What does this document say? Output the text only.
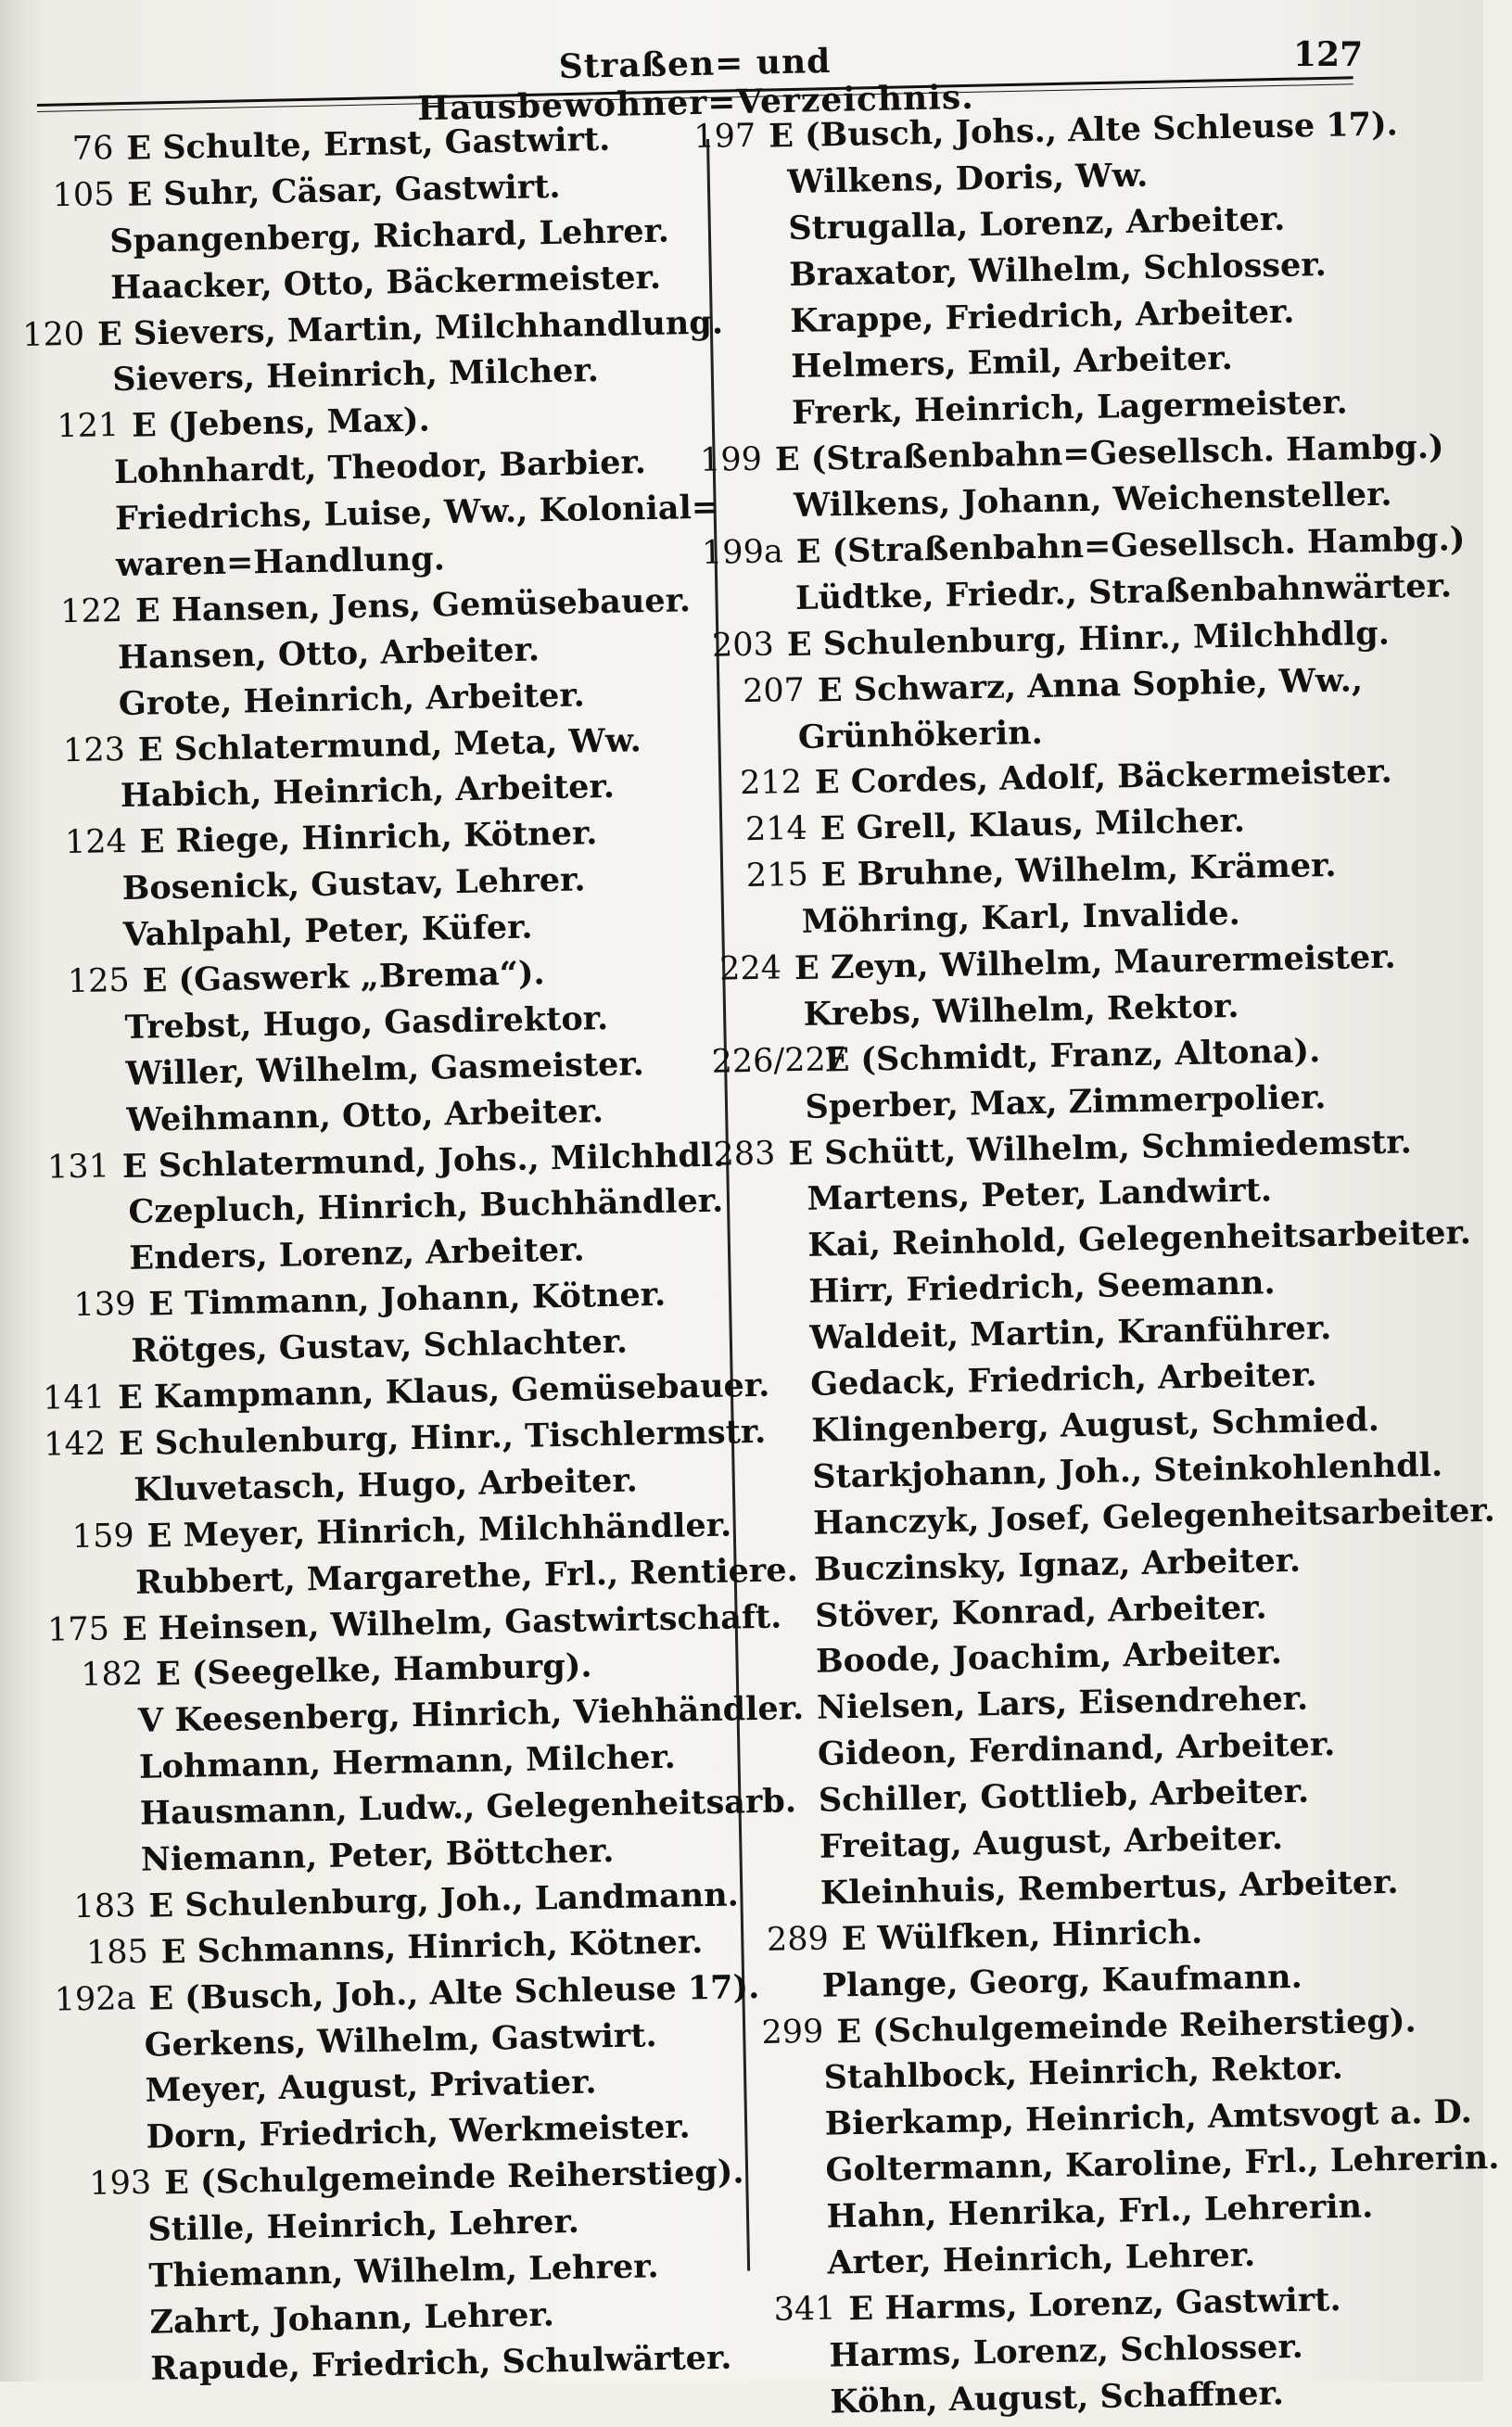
Straßen= und Hausbewohner=Verzeichnis.
127
76 E Schulte, Ernst, Gastwirt.
105 E Suhr, Cäsar, Gastwirt.
Spangenberg, Richard, Lehrer.
Haacker, Otto, Bäckermeister.
120 E Sievers, Martin, Milchhandlung.
Sievers, Heinrich, Milcher.
121 E (Jebens, Max).
Lohnhardt, Theodor, Barbier.
Friedrichs, Luise, Ww., Kolonial=
waren=Handlung.
122 E Hansen, Jens, Gemüsebauer.
Hansen, Otto, Arbeiter.
Grote, Heinrich, Arbeiter.
123 E Schlatermund, Meta, Ww.
Habich, Heinrich, Arbeiter.
124 E Riege, Hinrich, Kötner.
Bosenick, Gustav, Lehrer.
Vahlpahl, Peter, Küfer.
125 E (Gaswerk „Brema“).
Trebst, Hugo, Gasdirektor.
Willer, Wilhelm, Gasmeister.
Weihmann, Otto, Arbeiter.
131 E Schlatermund, Johs., Milchhdl.
Czepluch, Hinrich, Buchhändler.
Enders, Lorenz, Arbeiter.
139 E Timmann, Johann, Kötner.
Rötges, Gustav, Schlachter.
141 E Kampmann, Klaus, Gemüsebauer.
142 E Schulenburg, Hinr., Tischlermstr.
Kluvetasch, Hugo, Arbeiter.
159 E Meyer, Hinrich, Milchhändler.
Rubbert, Margarethe, Frl., Rentiere.
175 E Heinsen, Wilhelm, Gastwirtschaft.
182 E (Seegelke, Hamburg).
V Keesenberg, Hinrich, Viehhändler.
Lohmann, Hermann, Milcher.
Hausmann, Ludw., Gelegenheitsarb.
Niemann, Peter, Böttcher.
183 E Schulenburg, Joh., Landmann.
185 E Schmanns, Hinrich, Kötner.
192a E (Busch, Joh., Alte Schleuse 17).
Gerkens, Wilhelm, Gastwirt.
Meyer, August, Privatier.
Dorn, Friedrich, Werkmeister.
193 E (Schulgemeinde Reiherstieg).
Stille, Heinrich, Lehrer.
Thiemann, Wilhelm, Lehrer.
Zahrt, Johann, Lehrer.
Rapude, Friedrich, Schulwärter.
197 E (Busch, Johs., Alte Schleuse 17).
Wilkens, Doris, Ww.
Strugalla, Lorenz, Arbeiter.
Braxator, Wilhelm, Schlosser.
Krappe, Friedrich, Arbeiter.
Helmers, Emil, Arbeiter.
Frerk, Heinrich, Lagermeister.
199 E (Straßenbahn=Gesellsch. Hambg.)
Wilkens, Johann, Weichensteller.
199a E (Straßenbahn=Gesellsch. Hambg.)
Lüdtke, Friedr., Straßenbahnwärter.
203 E Schulenburg, Hinr., Milchhdlg.
207 E Schwarz, Anna Sophie, Ww.,
Grünhökerin.
212 E Cordes, Adolf, Bäckermeister.
214 E Grell, Klaus, Milcher.
215 E Bruhne, Wilhelm, Krämer.
Möhring, Karl, Invalide.
224 E Zeyn, Wilhelm, Maurermeister.
Krebs, Wilhelm, Rektor.
226/227
E (Schmidt, Franz, Altona).
Sperber, Max, Zimmerpolier.
283 E Schütt, Wilhelm, Schmiedemstr.
Martens, Peter, Landwirt.
Kai, Reinhold, Gelegenheitsarbeiter.
Hirr, Friedrich, Seemann.
Waldeit, Martin, Kranführer.
Gedack, Friedrich, Arbeiter.
Klingenberg, August, Schmied.
Starkjohann, Joh., Steinkohlenhdl.
Hanczyk, Josef, Gelegenheitsarbeiter.
Buczinsky, Ignaz, Arbeiter.
Stöver, Konrad, Arbeiter.
Boode, Joachim, Arbeiter.
Nielsen, Lars, Eisendreher.
Gideon, Ferdinand, Arbeiter.
Schiller, Gottlieb, Arbeiter.
Freitag, August, Arbeiter.
Kleinhuis, Rembertus, Arbeiter.
289 E Wülfken, Hinrich.
Plange, Georg, Kaufmann.
299 E (Schulgemeinde Reiherstieg).
Stahlbock, Heinrich, Rektor.
Bierkamp, Heinrich, Amtsvogt a. D.
Goltermann, Karoline, Frl., Lehrerin.
Hahn, Henrika, Frl., Lehrerin.
Arter, Heinrich, Lehrer.
341 E Harms, Lorenz, Gastwirt.
Harms, Lorenz, Schlosser.
Köhn, August, Schaffner.
